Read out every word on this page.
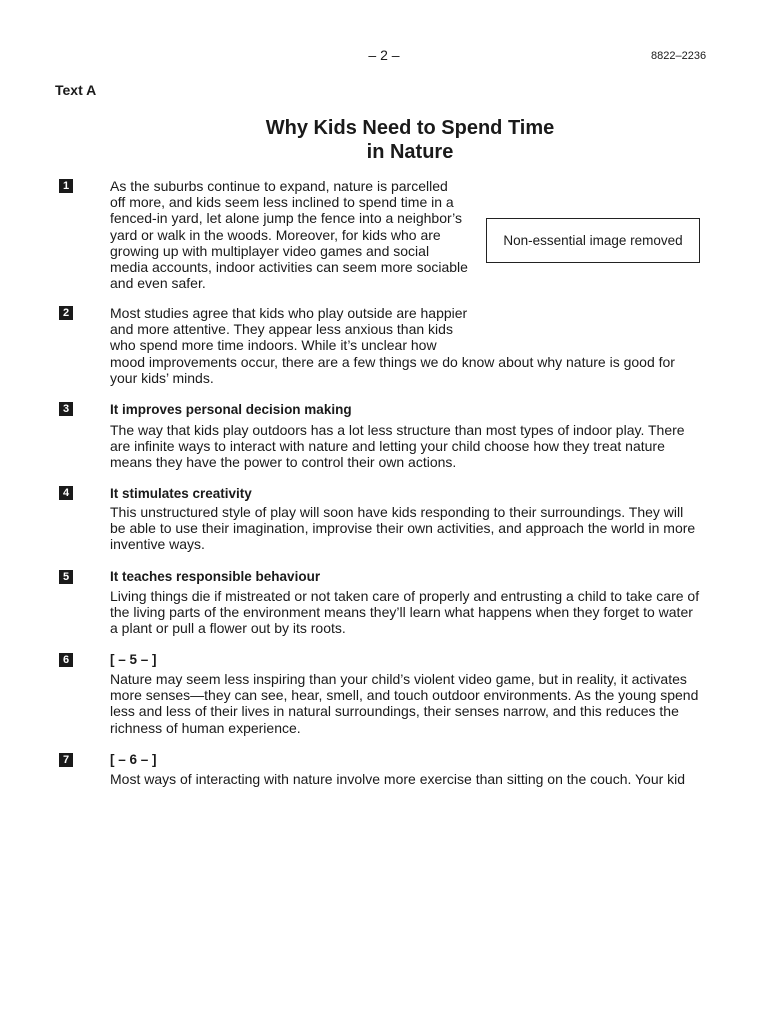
– 2 –	8822–2236
Text A
Why Kids Need to Spend Time
in Nature
Non-essential image removed
1	As the suburbs continue to expand, nature is parcelled
off more, and kids seem less inclined to spend time in a
fenced-in yard, let alone jump the fence into a neighbor’s
yard or walk in the woods. Moreover, for kids who are
growing up with multiplayer video games and social
media accounts, indoor activities can seem more sociable
and even safer.
2	Most studies agree that kids who play outside are happier
and more attentive. They appear less anxious than kids
who spend more time indoors. While it’s unclear how
mood improvements occur, there are a few things we do know about why nature is good for
your kids’ minds.
3	It improves personal decision making
The way that kids play outdoors has a lot less structure than most types of indoor play. There
are infinite ways to interact with nature and letting your child choose how they treat nature
means they have the power to control their own actions.
4	It stimulates creativity
This unstructured style of play will soon have kids responding to their surroundings. They will
be able to use their imagination, improvise their own activities, and approach the world in more
inventive ways.
5	It teaches responsible behaviour
Living things die if mistreated or not taken care of properly and entrusting a child to take care of
the living parts of the environment means they’ll learn what happens when they forget to water
a plant or pull a flower out by its roots.
6	[ – 5 – ]
Nature may seem less inspiring than your child’s violent video game, but in reality, it activates
more senses—they can see, hear, smell, and touch outdoor environments. As the young spend
less and less of their lives in natural surroundings, their senses narrow, and this reduces the
richness of human experience.
7	[ – 6 – ]
Most ways of interacting with nature involve more exercise than sitting on the couch. Your kid
